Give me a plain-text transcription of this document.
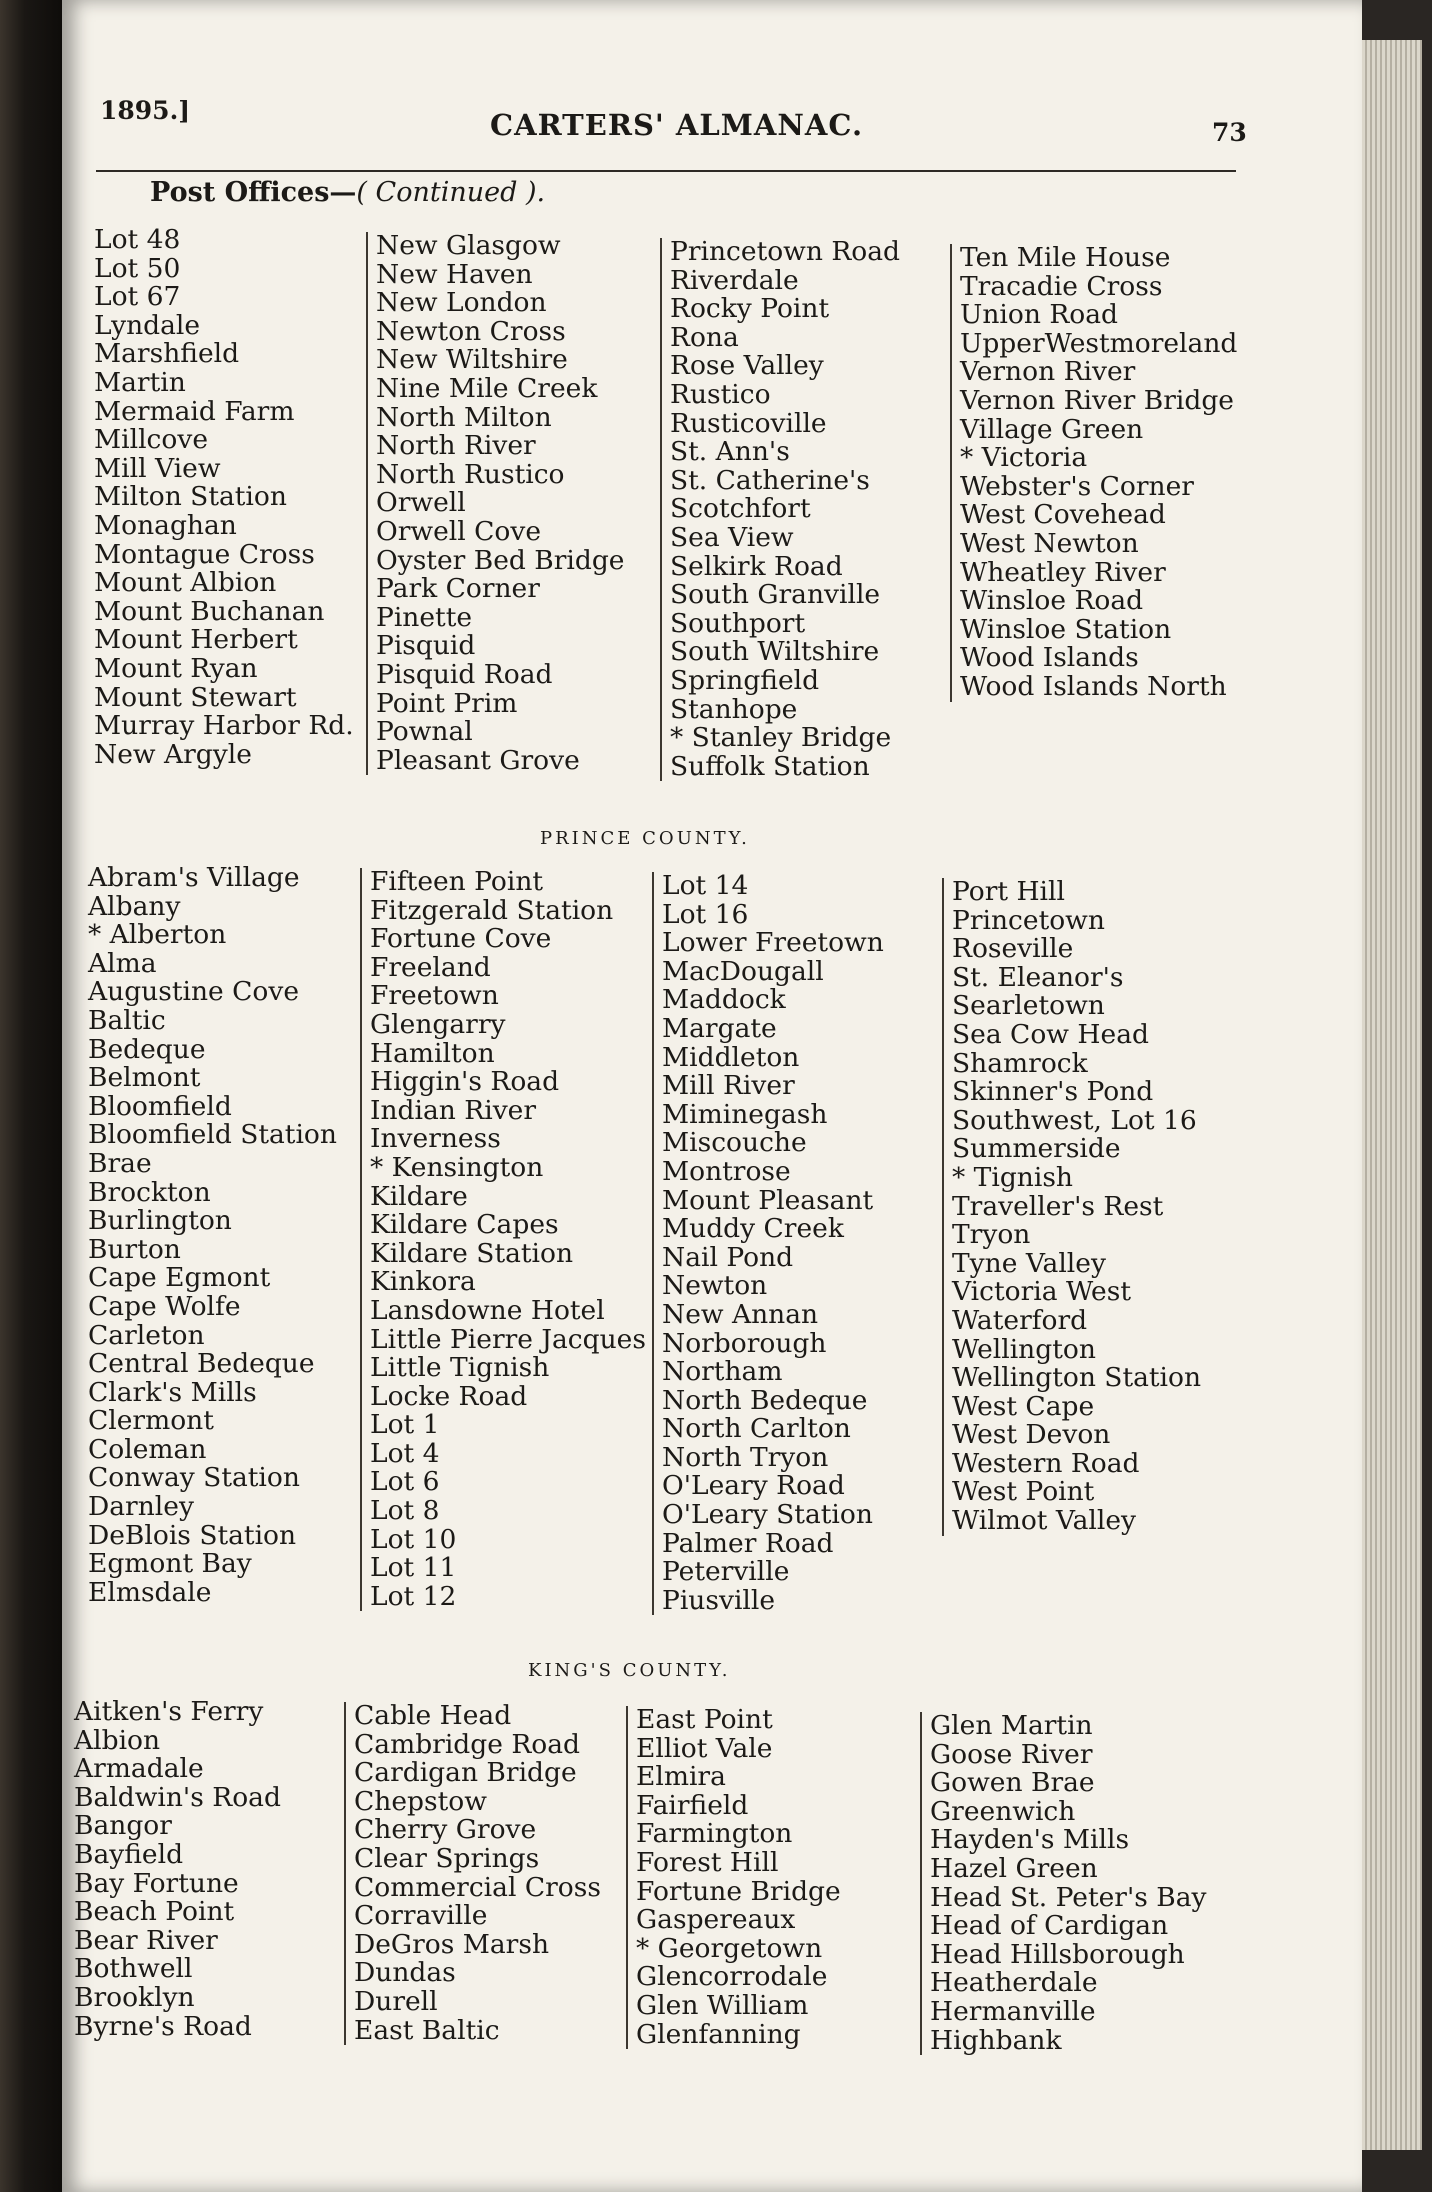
1895.]	CARTERS' ALMANAC.	73
Post Offices—( Continued ).
Lot 48
Lot 50
Lot 67
Lyndale
Marshfield
Martin
Mermaid Farm
Millcove
Mill View
Milton Station
Monaghan
Montague Cross
Mount Albion
Mount Buchanan
Mount Herbert
Mount Ryan
Mount Stewart
Murray Harbor Rd.
New Argyle
New Glasgow
New Haven
New London
Newton Cross
New Wiltshire
Nine Mile Creek
North Milton
North River
North Rustico
Orwell
Orwell Cove
Oyster Bed Bridge
Park Corner
Pinette
Pisquid
Pisquid Road
Point Prim
Pownal
Pleasant Grove
Princetown Road
Riverdale
Rocky Point
Rona
Rose Valley
Rustico
Rusticoville
St. Ann's
St. Catherine's
Scotchfort
Sea View
Selkirk Road
South Granville
Southport
South Wiltshire
Springfield
Stanhope
* Stanley Bridge
Suffolk Station
Ten Mile House
Tracadie Cross
Union Road
UpperWestmoreland
Vernon River
Vernon River Bridge
Village Green
* Victoria
Webster's Corner
West Covehead
West Newton
Wheatley River
Winsloe Road
Winsloe Station
Wood Islands
Wood Islands North
PRINCE COUNTY.
Abram's Village
Albany
* Alberton
Alma
Augustine Cove
Baltic
Bedeque
Belmont
Bloomfield
Bloomfield Station
Brae
Brockton
Burlington
Burton
Cape Egmont
Cape Wolfe
Carleton
Central Bedeque
Clark's Mills
Clermont
Coleman
Conway Station
Darnley
DeBlois Station
Egmont Bay
Elmsdale
Fifteen Point
Fitzgerald Station
Fortune Cove
Freeland
Freetown
Glengarry
Hamilton
Higgin's Road
Indian River
Inverness
* Kensington
Kildare
Kildare Capes
Kildare Station
Kinkora
Lansdowne Hotel
Little Pierre Jacques
Little Tignish
Locke Road
Lot 1
Lot 4
Lot 6
Lot 8
Lot 10
Lot 11
Lot 12
Lot 14
Lot 16
Lower Freetown
MacDougall
Maddock
Margate
Middleton
Mill River
Miminegash
Miscouche
Montrose
Mount Pleasant
Muddy Creek
Nail Pond
Newton
New Annan
Norborough
Northam
North Bedeque
North Carlton
North Tryon
O'Leary Road
O'Leary Station
Palmer Road
Peterville
Piusville
Port Hill
Princetown
Roseville
St. Eleanor's
Searletown
Sea Cow Head
Shamrock
Skinner's Pond
Southwest, Lot 16
Summerside
* Tignish
Traveller's Rest
Tryon
Tyne Valley
Victoria West
Waterford
Wellington
Wellington Station
West Cape
West Devon
Western Road
West Point
Wilmot Valley
KING'S COUNTY.
Aitken's Ferry
Albion
Armadale
Baldwin's Road
Bangor
Bayfield
Bay Fortune
Beach Point
Bear River
Bothwell
Brooklyn
Byrne's Road
Cable Head
Cambridge Road
Cardigan Bridge
Chepstow
Cherry Grove
Clear Springs
Commercial Cross
Corraville
DeGros Marsh
Dundas
Durell
East Baltic
East Point
Elliot Vale
Elmira
Fairfield
Farmington
Forest Hill
Fortune Bridge
Gaspereaux
* Georgetown
Glencorrodale
Glen William
Glenfanning
Glen Martin
Goose River
Gowen Brae
Greenwich
Hayden's Mills
Hazel Green
Head St. Peter's Bay
Head of Cardigan
Head Hillsborough
Heatherdale
Hermanville
Highbank
